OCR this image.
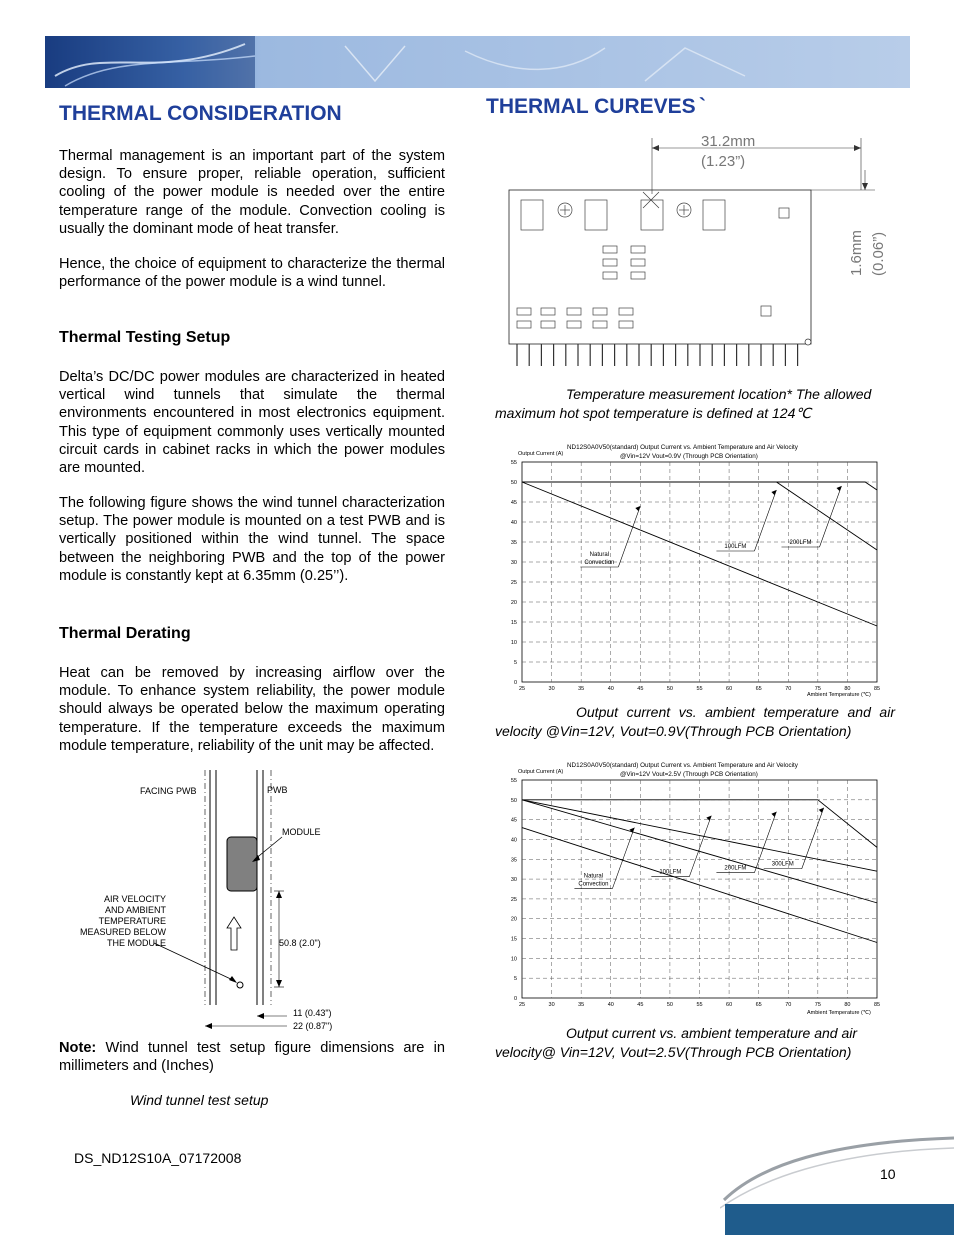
THERMAL CONSIDERATION
Thermal management is an important part of the system design. To ensure proper, reliable operation, sufficient cooling of the power module is needed over the entire temperature range of the module. Convection cooling is usually the dominant mode of heat transfer.
Hence, the choice of equipment to characterize the thermal performance of the power module is a wind tunnel.
Thermal Testing Setup
Delta’s DC/DC power modules are characterized in heated vertical wind tunnels that simulate the thermal environments encountered in most electronics equipment. This type of equipment commonly uses vertically mounted circuit cards in cabinet racks in which the power modules are mounted.
The following figure shows the wind tunnel characterization setup. The power module is mounted on a test PWB and is vertically positioned within the wind tunnel. The space between the neighboring PWB and the top of the power module is constantly kept at 6.35mm (0.25’’).
Thermal Derating
Heat can be removed by increasing airflow over the module. To enhance system reliability, the power module should always be operated below the maximum operating temperature. If the temperature exceeds the maximum module temperature, reliability of the unit may be affected.
FACING PWB	PWB
MODULE
AIR VELOCITY
AND AMBIENT
TEMPERATURE
MEASURED BELOW
THE MODULE	50.8 (2.0")
11 (0.43")
22 (0.87")
Note: Wind tunnel test setup figure dimensions are in millimeters and (Inches)
Wind tunnel test setup
THERMAL CUREVES `
31.2mm
(1.23”)
1.6mm (0.06”)
Temperature measurement location* The allowed maximum hot spot temperature is defined at 124℃
ND12S0A0V50(standard) Output Current vs. Ambient Temperature and Air Velocity
@Vin=12V Vout=0.9V (Through PCB Orientation)
Output Current (A)
Ambient Temperature (℃)
0
5
10
15
20
25
30
35
40
45
50
55
25	30	35	40	45	50	55	60	65	70	75	80	85
Natural
Convection
100LFM
200LFM
Output current vs. ambient temperature and air velocity @Vin=12V, Vout=0.9V(Through PCB Orientation)
ND12S0A0V50(standard) Output Current vs. Ambient Temperature and Air Velocity
@Vin=12V Vout=2.5V (Through PCB Orientation)
Output Current (A)
Ambient Temperature (℃)
0
5
10
15
20
25
30
35
40
45
50
55
25	30	35	40	45	50	55	60	65	70	75	80	85
Natural
Convection
100LFM
200LFM
300LFM
Output current vs. ambient temperature and air velocity@ Vin=12V, Vout=2.5V(Through PCB Orientation)
DS_ND12S10A_07172008
10
